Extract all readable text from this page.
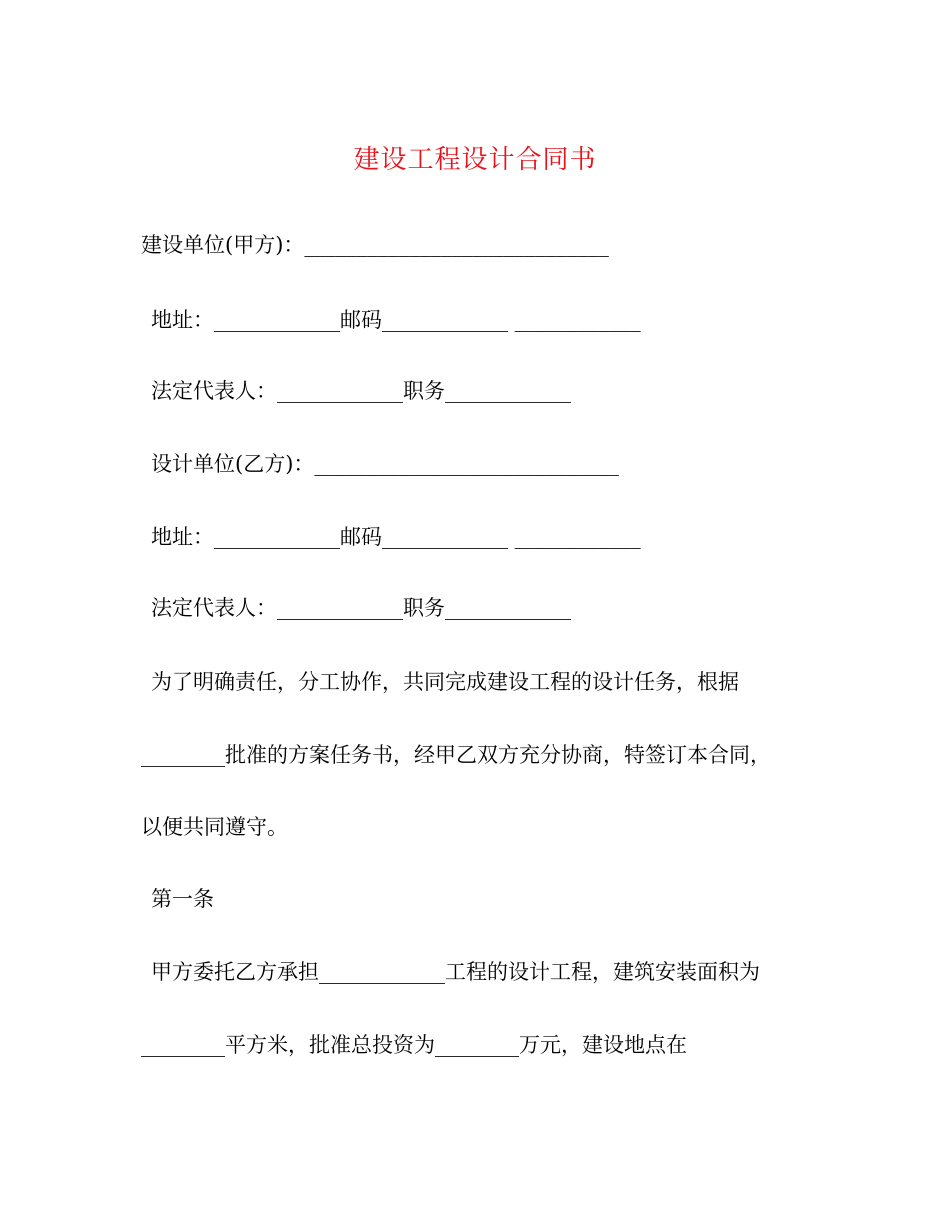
建设工程设计合同书
建设单位(甲方)：_____________________________
地址：____________邮码____________ ____________
法定代表人：____________职务____________
设计单位(乙方)：_____________________________
地址：____________邮码____________ ____________
法定代表人：____________职务____________
为了明确责任，分工协作，共同完成建设工程的设计任务，根据
________批准的方案任务书，经甲乙双方充分协商，特签订本合同，
以便共同遵守。
第一条
甲方委托乙方承担____________工程的设计工程，建筑安装面积为
________平方米，批准总投资为________万元，建设地点在
